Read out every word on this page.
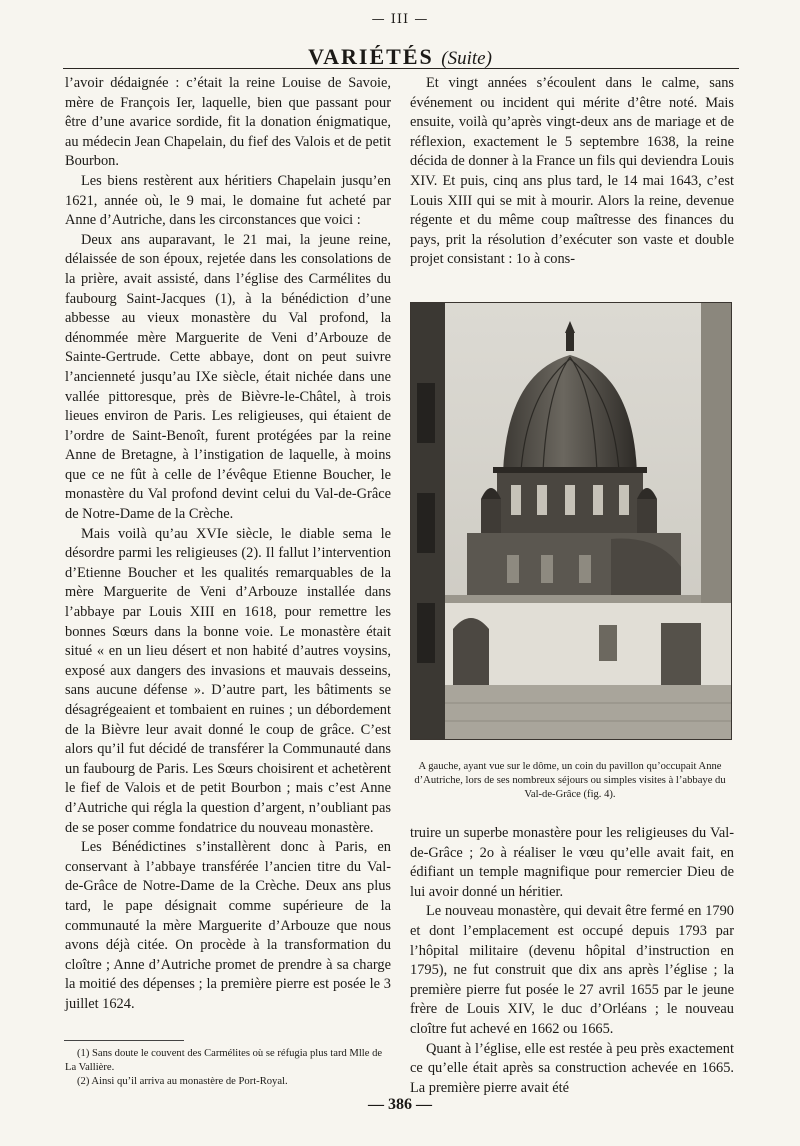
— III —
VARIÉTÉS (Suite)

l’avoir dédaignée : c’était la reine Louise de Savoie, mère de François Ier, laquelle, bien que passant pour être d’une avarice sordide, fit la donation énigmatique, au médecin Jean Chapelain, du fief des Valois et de petit Bourbon.

Les biens restèrent aux héritiers Chapelain jusqu’en 1621, année où, le 9 mai, le domaine fut acheté par Anne d’Autriche, dans les circonstances que voici :

Deux ans auparavant, le 21 mai, la jeune reine, délaissée de son époux, rejetée dans les consolations de la prière, avait assisté, dans l’église des Carmélites du faubourg Saint-Jacques (1), à la bénédiction d’une abbesse au vieux monastère du Val profond, la dénommée mère Marguerite de Veni d’Arbouze de Sainte-Gertrude. Cette abbaye, dont on peut suivre l’ancienneté jusqu’au IXe siècle, était nichée dans une vallée pittoresque, près de Bièvre-le-Châtel, à trois lieues environ de Paris. Les religieuses, qui étaient de l’ordre de Saint-Benoît, furent protégées par la reine Anne de Bretagne, à l’instigation de laquelle, à moins que ce ne fût à celle de l’évêque Etienne Boucher, le monastère du Val profond devint celui du Val-de-Grâce de Notre-Dame de la Crèche.

Mais voilà qu’au XVIe siècle, le diable sema le désordre parmi les religieuses (2). Il fallut l’intervention d’Etienne Boucher et les qualités remarquables de la mère Marguerite de Veni d’Arbouze installée dans l’abbaye par Louis XIII en 1618, pour remettre les bonnes Sœurs dans la bonne voie. Le monastère était situé « en un lieu désert et non habité d’autres voysins, exposé aux dangers des invasions et mauvais desseins, sans aucune défense ». D’autre part, les bâtiments se désagrégeaient et tombaient en ruines ; un débordement de la Bièvre leur avait donné le coup de grâce. C’est alors qu’il fut décidé de transférer la Communauté dans un faubourg de Paris. Les Sœurs choisirent et achetèrent le fief de Valois et de petit Bourbon ; mais c’est Anne d’Autriche qui régla la question d’argent, n’oubliant pas de se poser comme fondatrice du nouveau monastère.

Les Bénédictines s’installèrent donc à Paris, en conservant à l’abbaye transférée l’ancien titre du Val-de-Grâce de Notre-Dame de la Crèche. Deux ans plus tard, le pape désignait comme supérieure de la communauté la mère Marguerite d’Arbouze que nous avons déjà citée. On procède à la transformation du cloître ; Anne d’Autriche promet de prendre à sa charge la moitié des dépenses ; la première pierre est posée le 3 juillet 1624.

Et vingt années s’écoulent dans le calme, sans événement ou incident qui mérite d’être noté. Mais ensuite, voilà qu’après vingt-deux ans de mariage et de réflexion, exactement le 5 septembre 1638, la reine décida de donner à la France un fils qui deviendra Louis XIV. Et puis, cinq ans plus tard, le 14 mai 1643, c’est Louis XIII qui se mit à mourir. Alors la reine, devenue régente et du même coup maîtresse des finances du pays, prit la résolution d’exécuter son vaste et double projet consistant : 1o à cons-

A gauche, ayant vue sur le dôme, un coin du pavillon qu’occupait Anne d’Autriche, lors de ses nombreux séjours ou simples visites à l’abbaye du Val-de-Grâce (fig. 4).

truire un superbe monastère pour les religieuses du Val-de-Grâce ; 2o à réaliser le vœu qu’elle avait fait, en édifiant un temple magnifique pour remercier Dieu de lui avoir donné un héritier.

Le nouveau monastère, qui devait être fermé en 1790 et dont l’emplacement est occupé depuis 1793 par l’hôpital militaire (devenu hôpital d’instruction en 1795), ne fut construit que dix ans après l’église ; la première pierre fut posée le 27 avril 1655 par le jeune frère de Louis XIV, le duc d’Orléans ; le nouveau cloître fut achevé en 1662 ou 1665.

Quant à l’église, elle est restée à peu près exactement ce qu’elle était après sa construction achevée en 1665. La première pierre avait été

(1) Sans doute le couvent des Carmélites où se réfugia plus tard Mlle de La Vallière.

(2) Ainsi qu’il arriva au monastère de Port-Royal.

— 386 —
